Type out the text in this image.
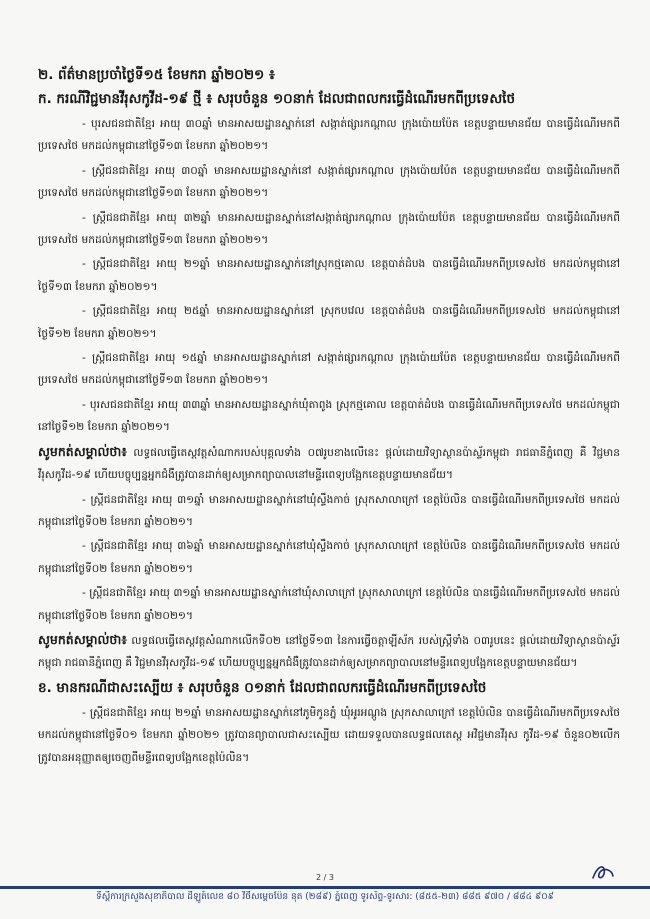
២. ព័ត៌មានប្រចាំថ្ងៃទី១៥ ខែមករា ឆ្នាំ២០២១ ៖
ក. ករណីវិជ្ជមានវីរុសកូវីដ-១៩ ថ្មី ៖ សរុបចំនួន ១០នាក់ ដែលជាពលករធ្វើដំណើរមកពីប្រទេសថៃ
- បុរសជនជាតិខ្មែរ អាយុ ៣០ឆ្នាំ មានអាសយដ្ឋានស្នាក់នៅ សង្កាត់ផ្សារកណ្ដាល ក្រុងប៉ោយប៉ែត ខេត្តបន្ទាយមានជ័យ បានធ្វើដំណើរមកពីប្រទេសថៃ មកដល់កម្ពុជានៅថ្ងៃទី១៣ ខែមករា ឆ្នាំ២០២១។
- ស្ត្រីជនជាតិខ្មែរ អាយុ ៣០ឆ្នាំ មានអាសយដ្ឋានស្នាក់នៅ សង្កាត់ផ្សារកណ្ដាល ក្រុងប៉ោយប៉ែត ខេត្តបន្ទាយមានជ័យ បានធ្វើដំណើរមកពីប្រទេសថៃ មកដល់កម្ពុជានៅថ្ងៃទី១៣ ខែមករា ឆ្នាំ២០២១។
- ស្ត្រីជនជាតិខ្មែរ អាយុ ៣២ឆ្នាំ មានអាសយដ្ឋានស្នាក់នៅសង្កាត់ផ្សារកណ្ដាល ក្រុងប៉ោយប៉ែត ខេត្តបន្ទាយមានជ័យ បានធ្វើដំណើរមកពីប្រទេសថៃ មកដល់កម្ពុជានៅថ្ងៃទី១៣ ខែមករា ឆ្នាំ២០២១។
- ស្ត្រីជនជាតិខ្មែរ អាយុ ២១ឆ្នាំ មានអាសយដ្ឋានស្នាក់នៅស្រុកថ្មគោល ខេត្តបាត់ដំបង បានធ្វើដំណើរមកពីប្រទេសថៃ មកដល់កម្ពុជានៅថ្ងៃទី១៣ ខែមករា ឆ្នាំ២០២១។
- ស្ត្រីជនជាតិខ្មែរ អាយុ ២៥ឆ្នាំ មានអាសយដ្ឋានស្នាក់នៅ ស្រុកបវេល ខេត្តបាត់ដំបង បានធ្វើដំណើរមកពីប្រទេសថៃ មកដល់កម្ពុជានៅថ្ងៃទី១២ ខែមករា ឆ្នាំ២០២១។
- ស្ត្រីជនជាតិខ្មែរ អាយុ ១៥ឆ្នាំ មានអាសយដ្ឋានស្នាក់នៅ សង្កាត់ផ្សារកណ្ដាល ក្រុងប៉ោយប៉ែត ខេត្តបន្ទាយមានជ័យ បានធ្វើដំណើរមកពីប្រទេសថៃ មកដល់កម្ពុជានៅថ្ងៃទី១៣ ខែមករា ឆ្នាំ២០២១។
- បុរសជនជាតិខ្មែរ អាយុ ៣៣ឆ្នាំ មានអាសយដ្ឋានស្នាក់ឃុំតាពូង ស្រុកថ្មគោល ខេត្តបាត់ដំបង បានធ្វើដំណើរមកពីប្រទេសថៃ មកដល់កម្ពុជានៅថ្ងៃទី១២ ខែមករា ឆ្នាំ២០២១។
សូមកត់សម្គាល់ថា៖ លទ្ធផលធ្វើតេស្តវត្តសំណាករបស់បុគ្គលទាំង ០៧រូបខាងលើនេះ ផ្តល់ដោយវិទ្យាស្ថានប៉ាស្ទ័រកម្ពុជា រាជធានីភ្នំពេញ គឺ វិជ្ជមានវីរុសកូវីដ-១៩ ហើយបច្ចុប្បន្នអ្នកជំងឺត្រូវបានដាក់ឲ្យសម្រាកព្យាបាលនៅមន្ទីរពេទ្យបង្អែកខេត្តបន្ទាយមានជ័យ។
- ស្ត្រីជនជាតិខ្មែរ អាយុ ៣១ឆ្នាំ មានអាសយដ្ឋានស្នាក់នៅឃុំស្ទឹងកាច់ ស្រុកសាលាក្រៅ ខេត្តប៉ៃលិន បានធ្វើដំណើរមកពីប្រទេសថៃ មកដល់កម្ពុជានៅថ្ងៃទី០២ ខែមករា ឆ្នាំ២០២១។
- ស្ត្រីជនជាតិខ្មែរ អាយុ ៣៦ឆ្នាំ មានអាសយដ្ឋានស្នាក់នៅឃុំស្ទឹងកាច់ ស្រុកសាលាក្រៅ ខេត្តប៉ៃលិន បានធ្វើដំណើរមកពីប្រទេសថៃ មកដល់កម្ពុជានៅថ្ងៃទី០២ ខែមករា ឆ្នាំ២០២១។
- ស្ត្រីជនជាតិខ្មែរ អាយុ ៣១ឆ្នាំ មានអាសយដ្ឋានស្នាក់នៅឃុំសាលាក្រៅ ស្រុកសាលាក្រៅ ខេត្តប៉ៃលិន បានធ្វើដំណើរមកពីប្រទេសថៃ មកដល់កម្ពុជានៅថ្ងៃទី០២ ខែមករា ឆ្នាំ២០២១។
សូមកត់សម្គាល់ថា៖ លទ្ធផលធ្វើតេស្តវត្តសំណាកលើកទី០២ នៅថ្ងៃទី១៣ នៃការធ្វើចត្តាឡីស័ក របស់ស្ត្រីទាំង ០៣រូបនេះ ផ្តល់ដោយវិទ្យាស្ថានប៉ាស្ទ័រកម្ពុជា រាជធានីភ្នំពេញ គឺ វិជ្ជមានវីរុសកូវីដ-១៩ ហើយបច្ចុប្បន្នអ្នកជំងឺត្រូវបានដាក់ឲ្យសម្រាកព្យាបាលនៅមន្ទីរពេទ្យបង្អែកខេត្តបន្ទាយមានជ័យ។
ខ. មានករណីជាសះស្បើយ ៖ សរុបចំនួន ០១នាក់ ដែលជាពលករធ្វើដំណើរមកពីប្រទេសថៃ
- ស្ត្រីជនជាតិខ្មែរ អាយុ ២១ឆ្នាំ មានអាសយដ្ឋានស្នាក់នៅភូមិកូនភ្នំ ឃុំអូរអណ្ដូង ស្រុកសាលាក្រៅ ខេត្តប៉ៃលិន បានធ្វើដំណើរមកពីប្រទេសថៃ មកដល់កម្ពុជានៅថ្ងៃទី០១ ខែមករា ឆ្នាំ២០២១ ត្រូវបានព្យាបាលជាសះស្បើយ ដោយទទួលបានលទ្ធផលតេស្ត អវិជ្ជមានវីរុស កូវីដ-១៩ ចំនួន០២លើក ត្រូវបានអនុញ្ញាតឲ្យចេញពីមន្ទីរពេទ្យបង្អែកខេត្តប៉ៃលិន។
2 / 3
ទីស្តីការក្រសួងសុខាភិបាល ដីឡូត៍លេខ ៨០ វិថីសម្ដេចប៉ែន នុត (២៨៩) ភ្នំពេញ ទូរស័ព្ទ-ទូរសារ: (៨៥៥-២៣) ៨៨៥ ៩៧០ / ៨៨៤ ៩០៩
